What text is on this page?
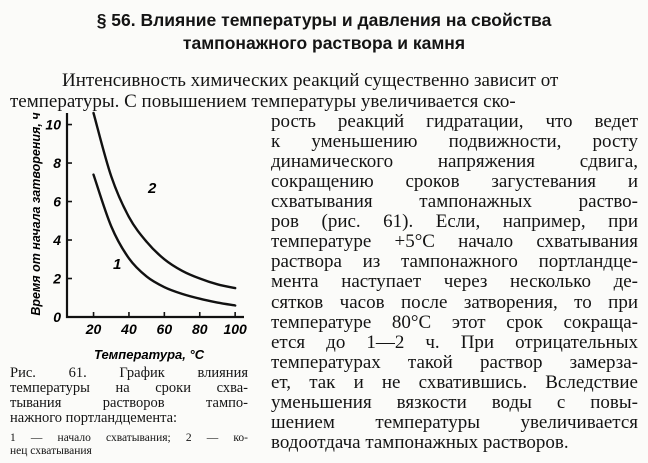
§ 56. Влияние температуры и давления на свойства
тампонажного раствора и камня
Интенсивность химических реакций существенно зависит от
температуры. С повышением температуры увеличивается ско-
рость реакций гидратации, что ведет
к уменьшению подвижности, росту
динамического напряжения сдвига,
сокращению сроков загустевания и
схватывания тампонажных раство-
ров (рис. 61). Если, например, при
температуре +5°C начало схватывания
раствора из тампонажного портландце-
мента наступает через несколько де-
сятков часов после затворения, то при
температуре 80°C этот срок сокраща-
ется до 1—2 ч. При отрицательных
температурах такой раствор замерза-
ет, так и не схватившись. Вследствие
уменьшения вязкости воды с повы-
шением температуры увеличивается
водоотдача тампонажных растворов.
0
2
4
6
8
10
20 40 60 80 100
Время от начала затворения, ч
Температура, °C
1
2
Рис. 61. График влияния
температуры на сроки схва-
тывания растворов тампо-
нажного портландцемента:
1 — начало схватывания; 2 — ко-
нец схватывания
